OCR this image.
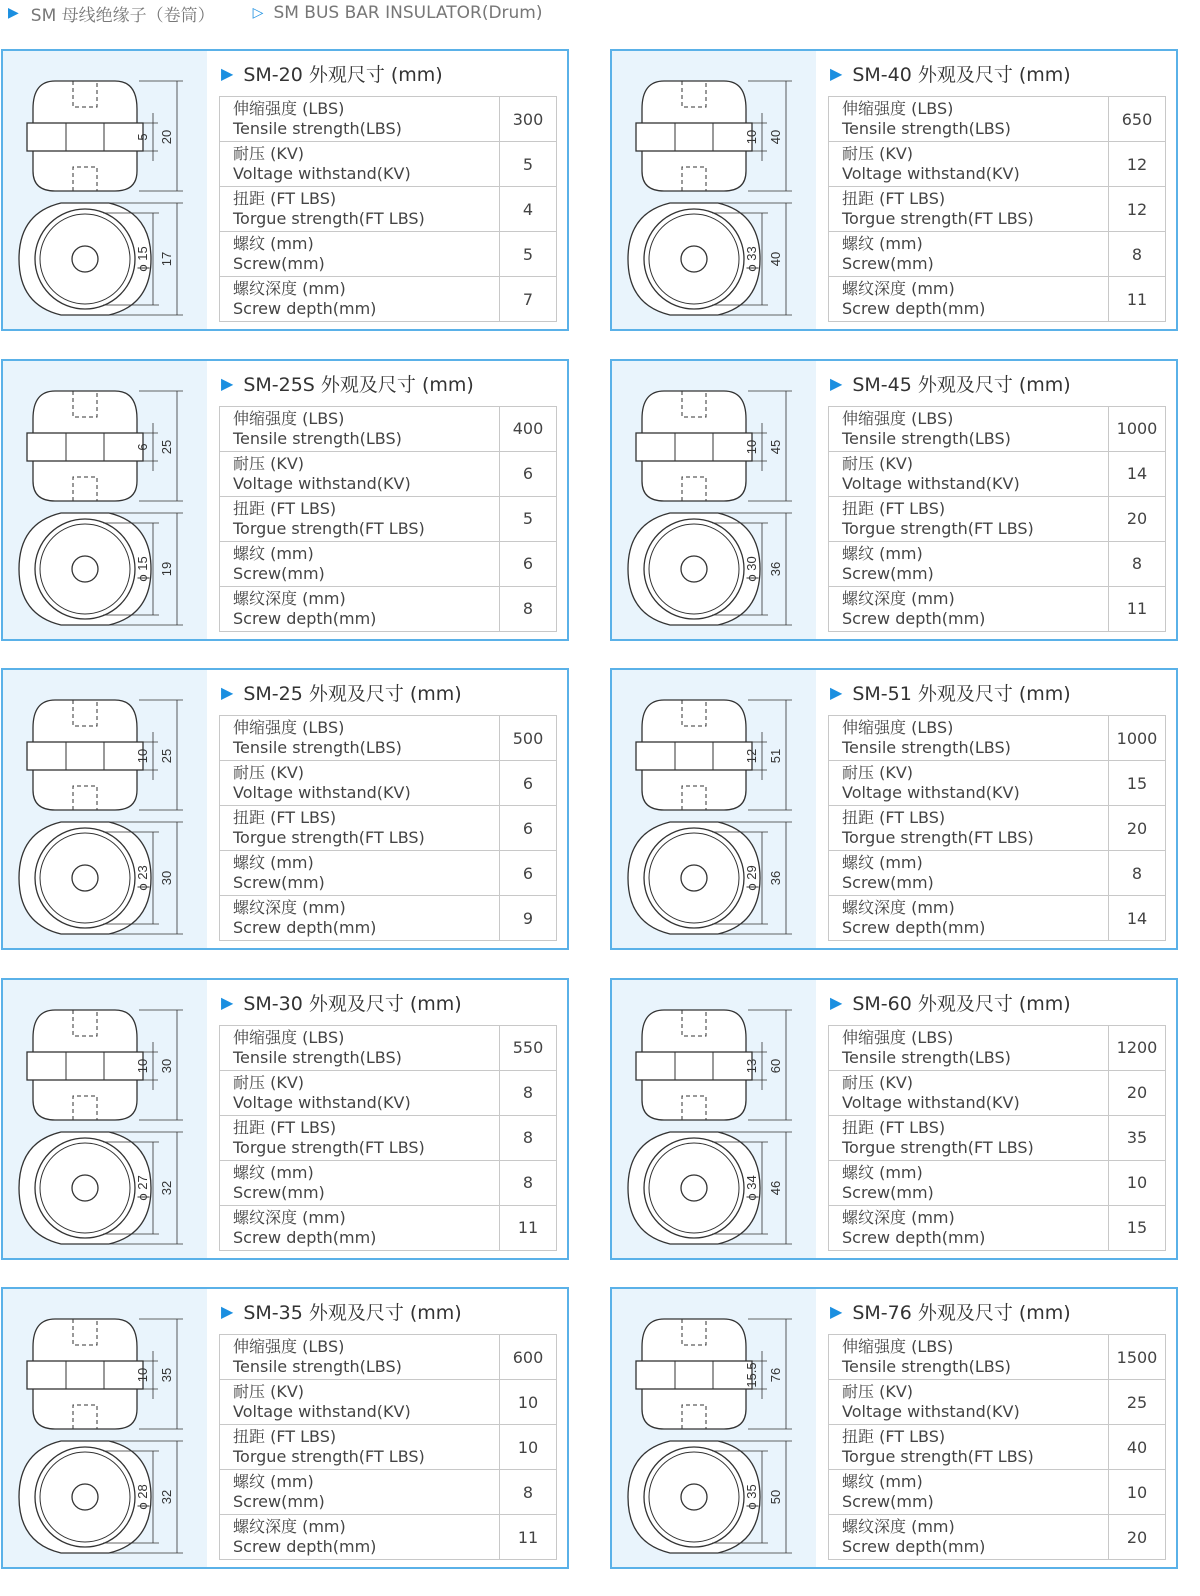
▶ SM 母线绝缘子（卷筒）	▷ SM BUS BAR INSULATOR(Drum)
5 20
ϕ 15 17
▶ SM-20 外观尺寸 (mm)
伸缩强度 (LBS)
Tensile strength(LBS)	300
耐压 (KV)
Voltage withstand(KV)	5
扭距 (FT LBS)
Torgue strength(FT LBS)	4
螺纹 (mm)
Screw(mm)	5
螺纹深度 (mm)
Screw depth(mm)	7
10 40
ϕ 33 40
▶ SM-40 外观及尺寸 (mm)
伸缩强度 (LBS)
Tensile strength(LBS)	650
耐压 (KV)
Voltage withstand(KV)	12
扭距 (FT LBS)
Torgue strength(FT LBS)	12
螺纹 (mm)
Screw(mm)	8
螺纹深度 (mm)
Screw depth(mm)	11
6 25
ϕ 15 19
▶ SM-25S 外观及尺寸 (mm)
伸缩强度 (LBS)
Tensile strength(LBS)	400
耐压 (KV)
Voltage withstand(KV)	6
扭距 (FT LBS)
Torgue strength(FT LBS)	5
螺纹 (mm)
Screw(mm)	6
螺纹深度 (mm)
Screw depth(mm)	8
10 45
ϕ 30 36
▶ SM-45 外观及尺寸 (mm)
伸缩强度 (LBS)
Tensile strength(LBS)	1000
耐压 (KV)
Voltage withstand(KV)	14
扭距 (FT LBS)
Torgue strength(FT LBS)	20
螺纹 (mm)
Screw(mm)	8
螺纹深度 (mm)
Screw depth(mm)	11
10 25
ϕ 23 30
▶ SM-25 外观及尺寸 (mm)
伸缩强度 (LBS)
Tensile strength(LBS)	500
耐压 (KV)
Voltage withstand(KV)	6
扭距 (FT LBS)
Torgue strength(FT LBS)	6
螺纹 (mm)
Screw(mm)	6
螺纹深度 (mm)
Screw depth(mm)	9
12 51
ϕ 29 36
▶ SM-51 外观及尺寸 (mm)
伸缩强度 (LBS)
Tensile strength(LBS)	1000
耐压 (KV)
Voltage withstand(KV)	15
扭距 (FT LBS)
Torgue strength(FT LBS)	20
螺纹 (mm)
Screw(mm)	8
螺纹深度 (mm)
Screw depth(mm)	14
10 30
ϕ 27 32
▶ SM-30 外观及尺寸 (mm)
伸缩强度 (LBS)
Tensile strength(LBS)	550
耐压 (KV)
Voltage withstand(KV)	8
扭距 (FT LBS)
Torgue strength(FT LBS)	8
螺纹 (mm)
Screw(mm)	8
螺纹深度 (mm)
Screw depth(mm)	11
13 60
ϕ 34 46
▶ SM-60 外观及尺寸 (mm)
伸缩强度 (LBS)
Tensile strength(LBS)	1200
耐压 (KV)
Voltage withstand(KV)	20
扭距 (FT LBS)
Torgue strength(FT LBS)	35
螺纹 (mm)
Screw(mm)	10
螺纹深度 (mm)
Screw depth(mm)	15
10 35
ϕ 28 32
▶ SM-35 外观及尺寸 (mm)
伸缩强度 (LBS)
Tensile strength(LBS)	600
耐压 (KV)
Voltage withstand(KV)	10
扭距 (FT LBS)
Torgue strength(FT LBS)	10
螺纹 (mm)
Screw(mm)	8
螺纹深度 (mm)
Screw depth(mm)	11
15.5 76
ϕ 35 50
▶ SM-76 外观及尺寸 (mm)
伸缩强度 (LBS)
Tensile strength(LBS)	1500
耐压 (KV)
Voltage withstand(KV)	25
扭距 (FT LBS)
Torgue strength(FT LBS)	40
螺纹 (mm)
Screw(mm)	10
螺纹深度 (mm)
Screw depth(mm)	20
